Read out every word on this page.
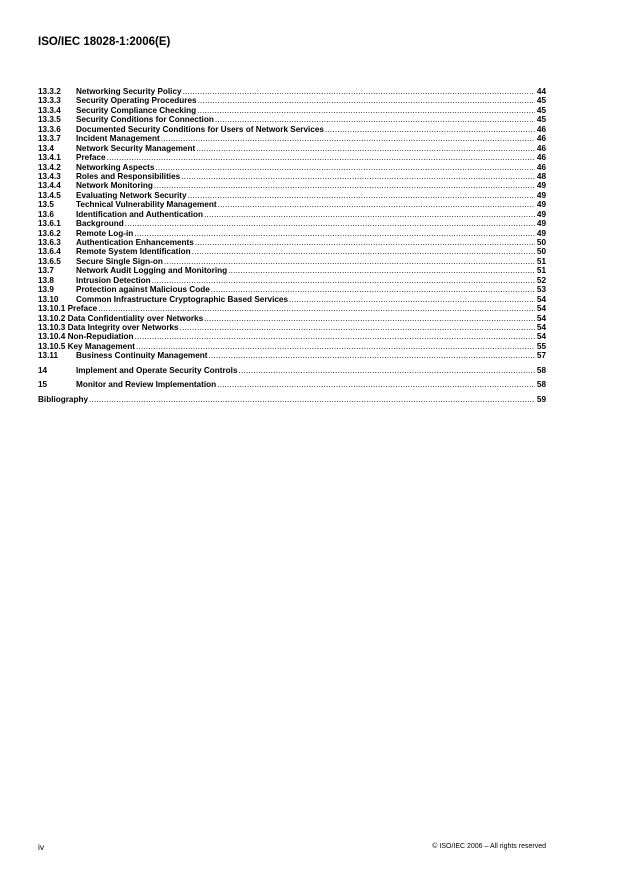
ISO/IEC 18028-1:2006(E)
13.3.2	Networking Security Policy .....	44
13.3.3	Security Operating Procedures .....	45
13.3.4	Security Compliance Checking .....	45
13.3.5	Security Conditions for Connection .....	45
13.3.6	Documented Security Conditions for Users of Network Services .....	46
13.3.7	Incident Management .....	46
13.4	Network Security Management .....	46
13.4.1	Preface .....	46
13.4.2	Networking Aspects .....	46
13.4.3	Roles and Responsibilities .....	48
13.4.4	Network Monitoring .....	49
13.4.5	Evaluating Network Security .....	49
13.5	Technical Vulnerability Management .....	49
13.6	Identification and Authentication .....	49
13.6.1	Background .....	49
13.6.2	Remote Log-in .....	49
13.6.3	Authentication Enhancements .....	50
13.6.4	Remote System Identification .....	50
13.6.5	Secure Single Sign-on .....	51
13.7	Network Audit Logging and Monitoring .....	51
13.8	Intrusion Detection .....	52
13.9	Protection against Malicious Code .....	53
13.10	Common Infrastructure Cryptographic Based Services .....	54
13.10.1 Preface .....	54
13.10.2 Data Confidentiality over Networks .....	54
13.10.3 Data Integrity over Networks .....	54
13.10.4 Non-Repudiation .....	54
13.10.5 Key Management .....	55
13.11	Business Continuity Management .....	57
14	Implement and Operate Security Controls .....	58
15	Monitor and Review Implementation .....	58
Bibliography .....	59
iv	© ISO/IEC 2006 – All rights reserved
